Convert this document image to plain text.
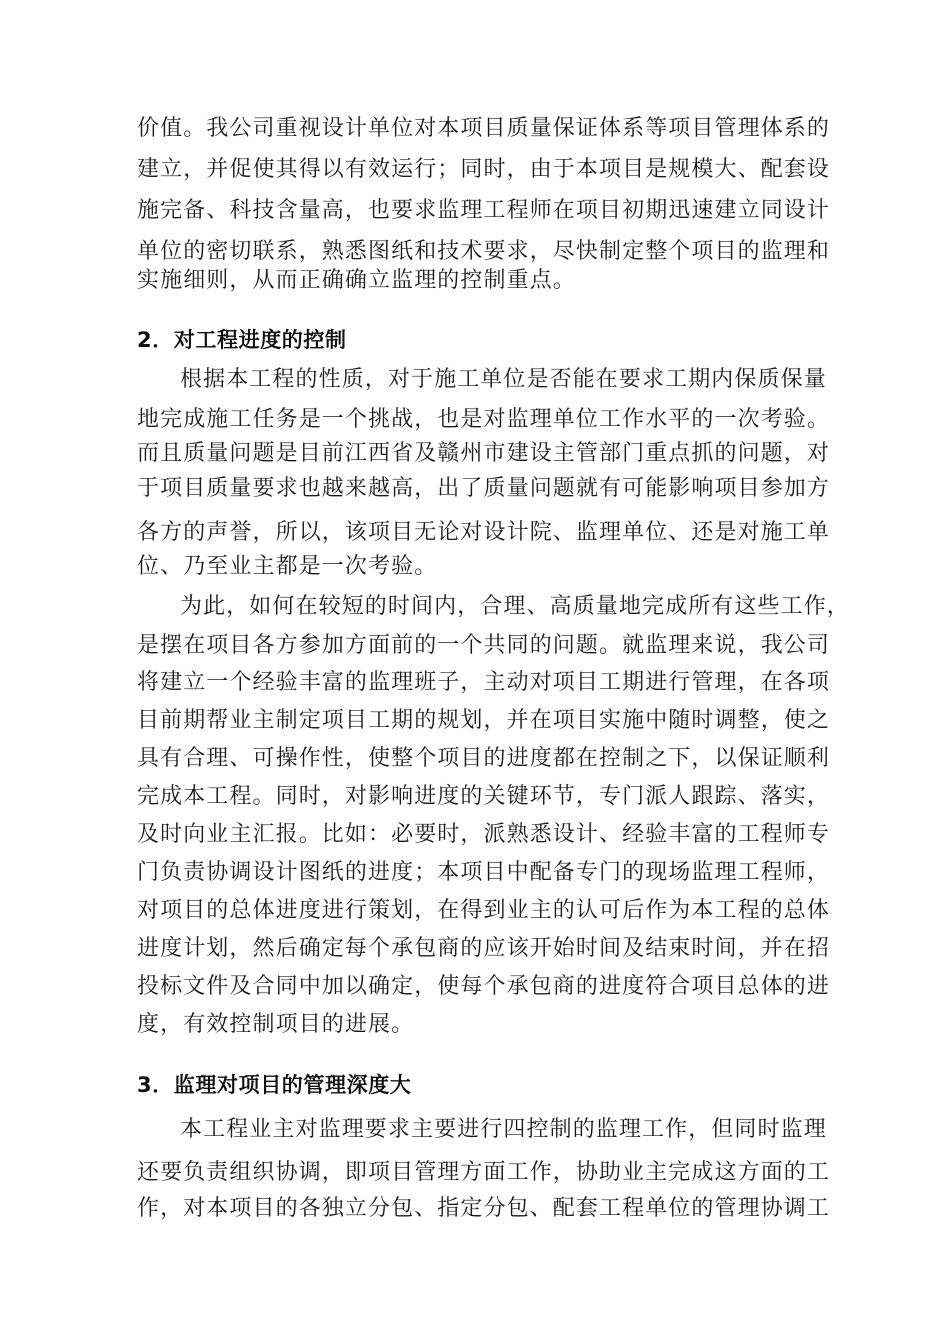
价值。我公司重视设计单位对本项目质量保证体系等项目管理体系的
建立，并促使其得以有效运行；同时，由于本项目是规模大、配套设
施完备、科技含量高，也要求监理工程师在项目初期迅速建立同设计
单位的密切联系，熟悉图纸和技术要求，尽快制定整个项目的监理和
实施细则，从而正确确立监理的控制重点。
2．对工程进度的控制
根据本工程的性质，对于施工单位是否能在要求工期内保质保量
地完成施工任务是一个挑战，也是对监理单位工作水平的一次考验。
而且质量问题是目前江西省及赣州市建设主管部门重点抓的问题，对
于项目质量要求也越来越高，出了质量问题就有可能影响项目参加方
各方的声誉，所以，该项目无论对设计院、监理单位、还是对施工单
位、乃至业主都是一次考验。
为此，如何在较短的时间内，合理、高质量地完成所有这些工作，
是摆在项目各方参加方面前的一个共同的问题。就监理来说，我公司
将建立一个经验丰富的监理班子，主动对项目工期进行管理，在各项
目前期帮业主制定项目工期的规划，并在项目实施中随时调整，使之
具有合理、可操作性，使整个项目的进度都在控制之下，以保证顺利
完成本工程。同时，对影响进度的关键环节，专门派人跟踪、落实，
及时向业主汇报。比如：必要时，派熟悉设计、经验丰富的工程师专
门负责协调设计图纸的进度；本项目中配备专门的现场监理工程师，
对项目的总体进度进行策划，在得到业主的认可后作为本工程的总体
进度计划，然后确定每个承包商的应该开始时间及结束时间，并在招
投标文件及合同中加以确定，使每个承包商的进度符合项目总体的进
度，有效控制项目的进展。
3．监理对项目的管理深度大
本工程业主对监理要求主要进行四控制的监理工作，但同时监理
还要负责组织协调，即项目管理方面工作，协助业主完成这方面的工
作，对本项目的各独立分包、指定分包、配套工程单位的管理协调工
